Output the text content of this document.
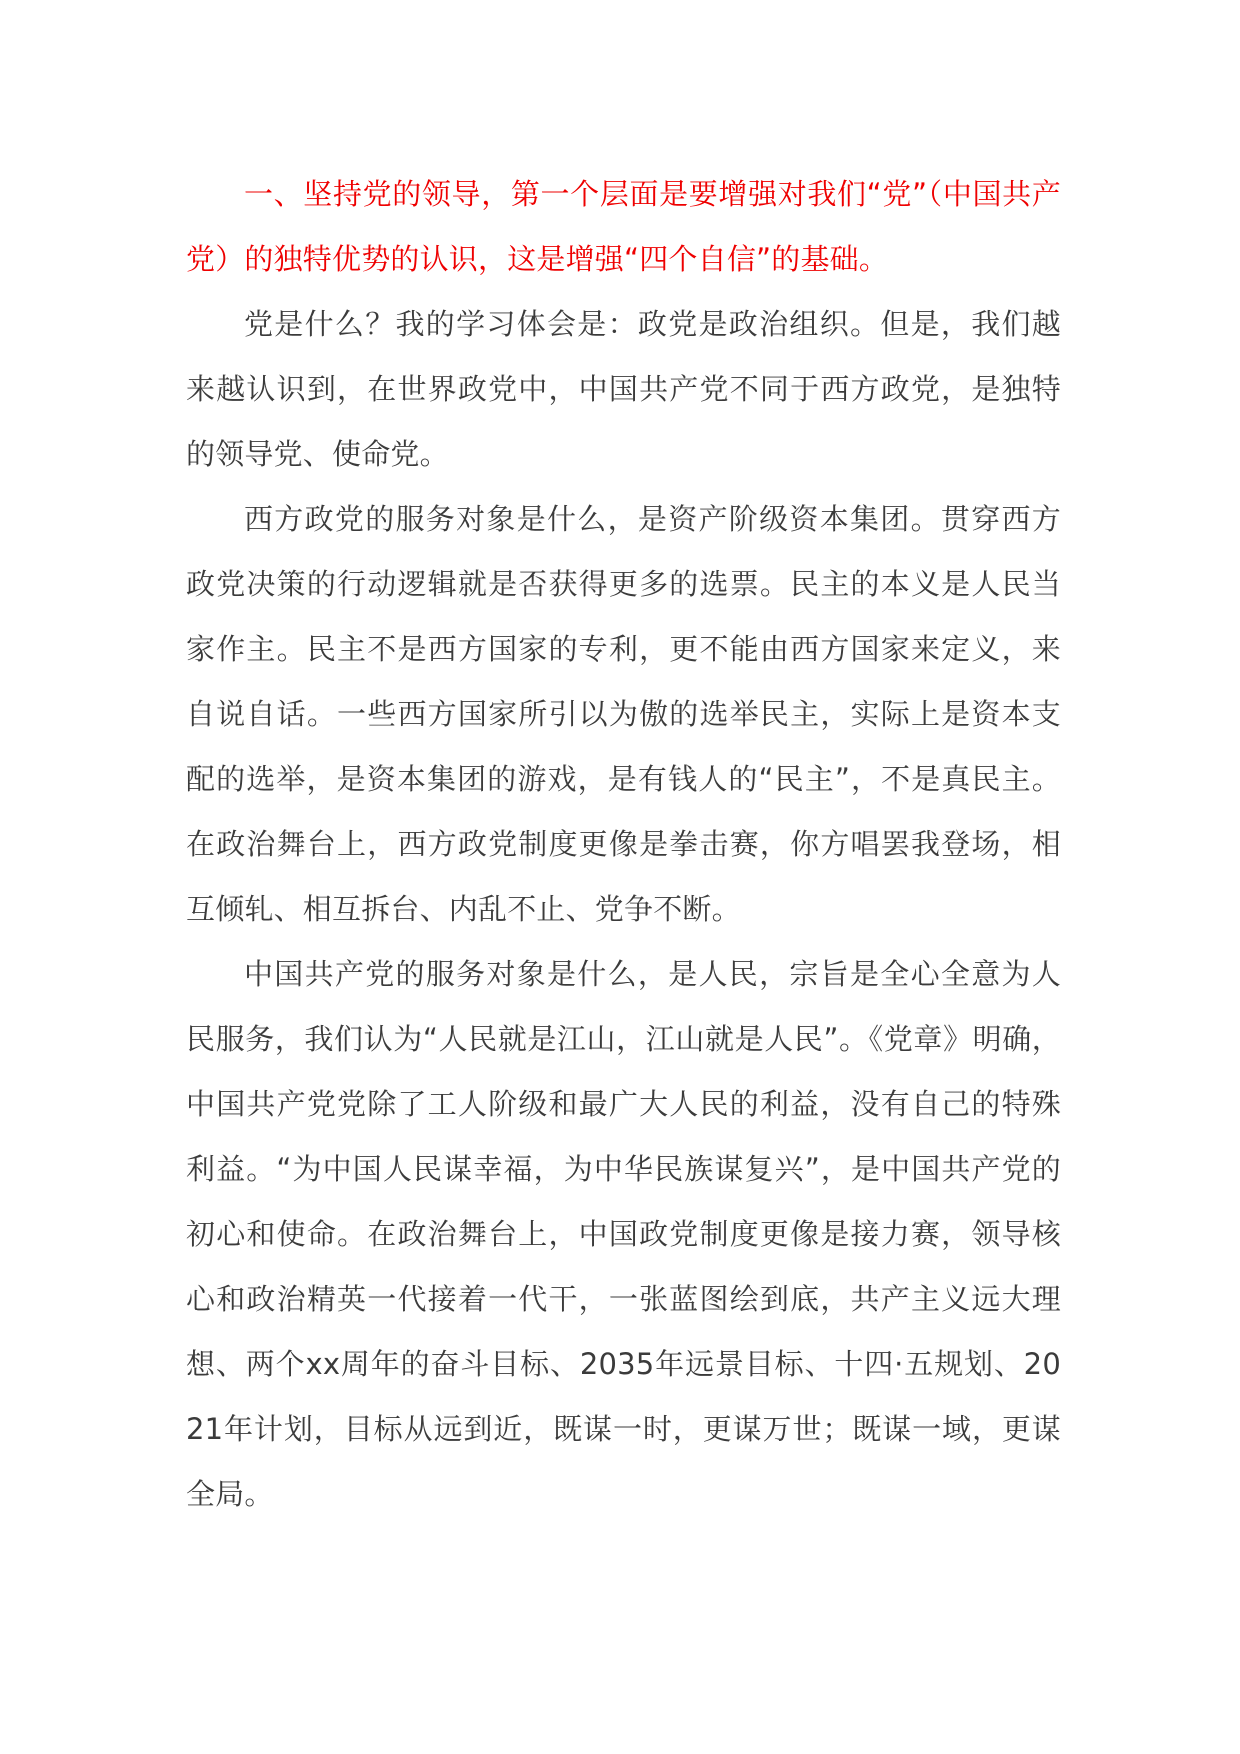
一、坚持党的领导，第一个层面是要增强对我们“党”（中国共产党）的独特优势的认识，这是增强“四个自信”的基础。

党是什么？我的学习体会是：政党是政治组织。但是，我们越来越认识到，在世界政党中，中国共产党不同于西方政党，是独特的领导党、使命党。

西方政党的服务对象是什么，是资产阶级资本集团。贯穿西方政党决策的行动逻辑就是否获得更多的选票。民主的本义是人民当家作主。民主不是西方国家的专利，更不能由西方国家来定义，来自说自话。一些西方国家所引以为傲的选举民主，实际上是资本支配的选举，是资本集团的游戏，是有钱人的“民主”，不是真民主。在政治舞台上，西方政党制度更像是拳击赛，你方唱罢我登场，相互倾轧、相互拆台、内乱不止、党争不断。

中国共产党的服务对象是什么，是人民，宗旨是全心全意为人民服务，我们认为“人民就是江山，江山就是人民”。《党章》明确，中国共产党党除了工人阶级和最广大人民的利益，没有自己的特殊利益。“为中国人民谋幸福，为中华民族谋复兴”，是中国共产党的初心和使命。在政治舞台上，中国政党制度更像是接力赛，领导核心和政治精英一代接着一代干，一张蓝图绘到底，共产主义远大理想、两个xx周年的奋斗目标、2035年远景目标、十四·五规划、2021年计划，目标从远到近，既谋一时，更谋万世；既谋一域，更谋全局。
